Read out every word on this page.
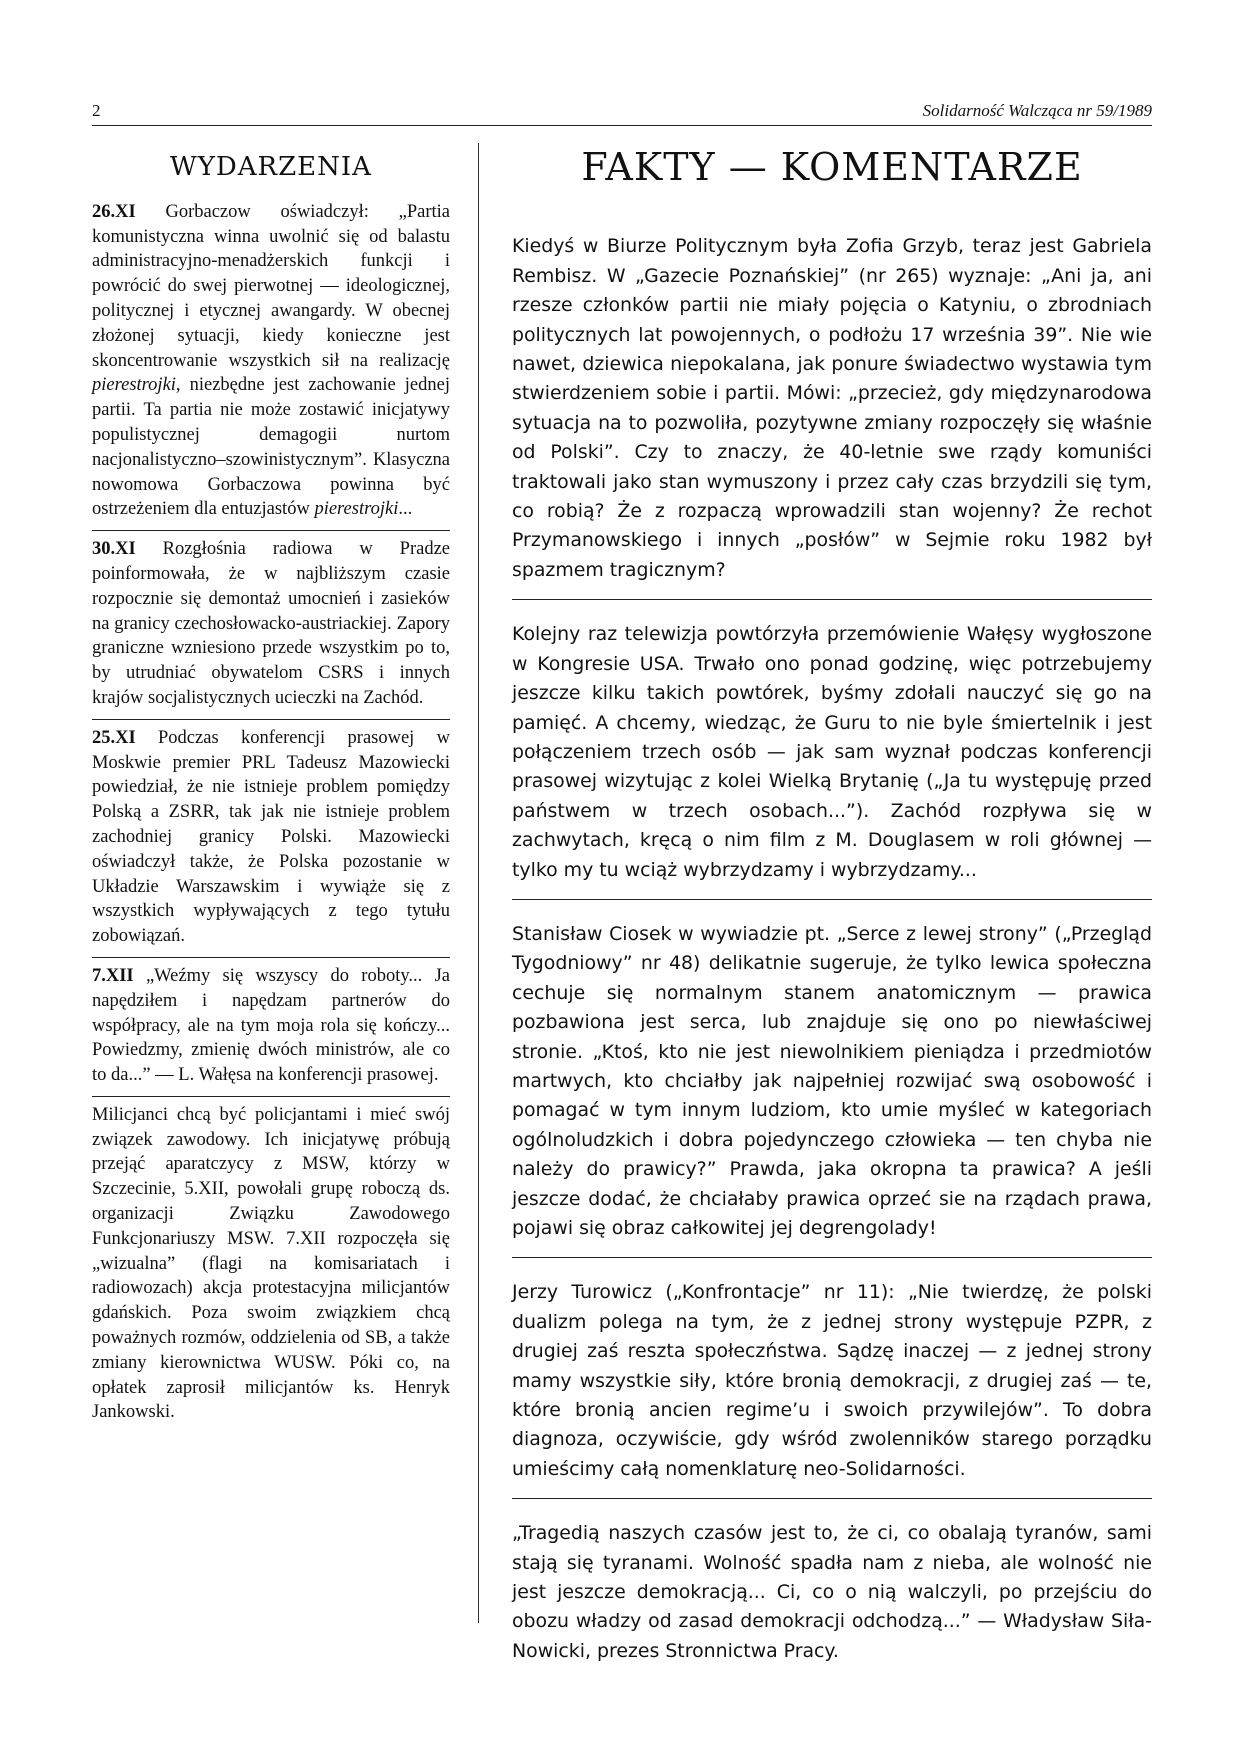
2	Solidarność Walcząca nr 59/1989
WYDARZENIA
26.XI Gorbaczow oświadczył: „Partia komunistyczna winna uwolnić się od balastu administracyjno-menadżerskich funkcji i powrócić do swej pierwotnej — ideologicznej, politycznej i etycznej awangardy. W obecnej złożonej sytuacji, kiedy konieczne jest skoncentrowanie wszystkich sił na realizację pierestrojki, niezbędne jest zachowanie jednej partii. Ta partia nie może zostawić inicjatywy populistycznej demagogii nurtom nacjonalistyczno–szowinistycznym”. Klasyczna nowomowa Gorbaczowa powinna być ostrzeżeniem dla entuzjastów pierestrojki...
30.XI Rozgłośnia radiowa w Pradze poinformowała, że w najbliższym czasie rozpocznie się demontaż umocnień i zasieków na granicy czechosłowacko-austriackiej. Zapory graniczne wzniesiono przede wszystkim po to, by utrudniać obywatelom CSRS i innych krajów socjalistycznych ucieczki na Zachód.
25.XI Podczas konferencji prasowej w Moskwie premier PRL Tadeusz Mazowiecki powiedział, że nie istnieje problem pomiędzy Polską a ZSRR, tak jak nie istnieje problem zachodniej granicy Polski. Mazowiecki oświadczył także, że Polska pozostanie w Układzie Warszawskim i wywiąże się z wszystkich wypływających z tego tytułu zobowiązań.
7.XII „Weźmy się wszyscy do roboty... Ja napędziłem i napędzam partnerów do współpracy, ale na tym moja rola się kończy... Powiedzmy, zmienię dwóch ministrów, ale co to da...” — L. Wałęsa na konferencji prasowej.
Milicjanci chcą być policjantami i mieć swój związek zawodowy. Ich inicjatywę próbują przejąć aparatczycy z MSW, którzy w Szczecinie, 5.XII, powołali grupę roboczą ds. organizacji Związku Zawodowego Funkcjonariuszy MSW. 7.XII rozpoczęła się „wizualna” (flagi na komisariatach i radiowozach) akcja protestacyjna milicjantów gdańskich. Poza swoim związkiem chcą poważnych rozmów, oddzielenia od SB, a także zmiany kierownictwa WUSW. Póki co, na opłatek zaprosił milicjantów ks. Henryk Jankowski.
FAKTY — KOMENTARZE
Kiedyś w Biurze Politycznym była Zofia Grzyb, teraz jest Gabriela Rembisz. W „Gazecie Poznańskiej” (nr 265) wyznaje: „Ani ja, ani rzesze członków partii nie miały pojęcia o Katyniu, o zbrodniach politycznych lat powojennych, o podłożu 17 września 39”. Nie wie nawet, dziewica niepokalana, jak ponure świadectwo wystawia tym stwierdzeniem sobie i partii. Mówi: „przecież, gdy międzynarodowa sytuacja na to pozwoliła, pozytywne zmiany rozpoczęły się właśnie od Polski”. Czy to znaczy, że 40-letnie swe rządy komuniści traktowali jako stan wymuszony i przez cały czas brzydzili się tym, co robią? Że z rozpaczą wprowadzili stan wojenny? Że rechot Przymanowskiego i innych „posłów” w Sejmie roku 1982 był spazmem tragicznym?
Kolejny raz telewizja powtórzyła przemówienie Wałęsy wygłoszone w Kongresie USA. Trwało ono ponad godzinę, więc potrzebujemy jeszcze kilku takich powtórek, byśmy zdołali nauczyć się go na pamięć. A chcemy, wiedząc, że Guru to nie byle śmiertelnik i jest połączeniem trzech osób — jak sam wyznał podczas konferencji prasowej wizytując z kolei Wielką Brytanię („Ja tu występuję przed państwem w trzech osobach...”). Zachód rozpływa się w zachwytach, kręcą o nim film z M. Douglasem w roli głównej — tylko my tu wciąż wybrzydzamy i wybrzydzamy...
Stanisław Ciosek w wywiadzie pt. „Serce z lewej strony” („Przegląd Tygodniowy” nr 48) delikatnie sugeruje, że tylko lewica społeczna cechuje się normalnym stanem anatomicznym — prawica pozbawiona jest serca, lub znajduje się ono po niewłaściwej stronie. „Ktoś, kto nie jest niewolnikiem pieniądza i przedmiotów martwych, kto chciałby jak najpełniej rozwijać swą osobowość i pomagać w tym innym ludziom, kto umie myśleć w kategoriach ogólnoludzkich i dobra pojedynczego człowieka — ten chyba nie należy do prawicy?” Prawda, jaka okropna ta prawica? A jeśli jeszcze dodać, że chciałaby prawica oprzeć sie na rządach prawa, pojawi się obraz całkowitej jej degrengolady!
Jerzy Turowicz („Konfrontacje” nr 11): „Nie twierdzę, że polski dualizm polega na tym, że z jednej strony występuje PZPR, z drugiej zaś reszta społeczństwa. Sądzę inaczej — z jednej strony mamy wszystkie siły, które bronią demokracji, z drugiej zaś — te, które bronią ancien regime’u i swoich przywilejów”. To dobra diagnoza, oczywiście, gdy wśród zwolenników starego porządku umieścimy całą nomenklaturę neo-Solidarności.
„Tragedią naszych czasów jest to, że ci, co obalają tyranów, sami stają się tyranami. Wolność spadła nam z nieba, ale wolność nie jest jeszcze demokracją... Ci, co o nią walczyli, po przejściu do obozu władzy od zasad demokracji odchodzą...” — Władysław Siła-Nowicki, prezes Stronnictwa Pracy.
